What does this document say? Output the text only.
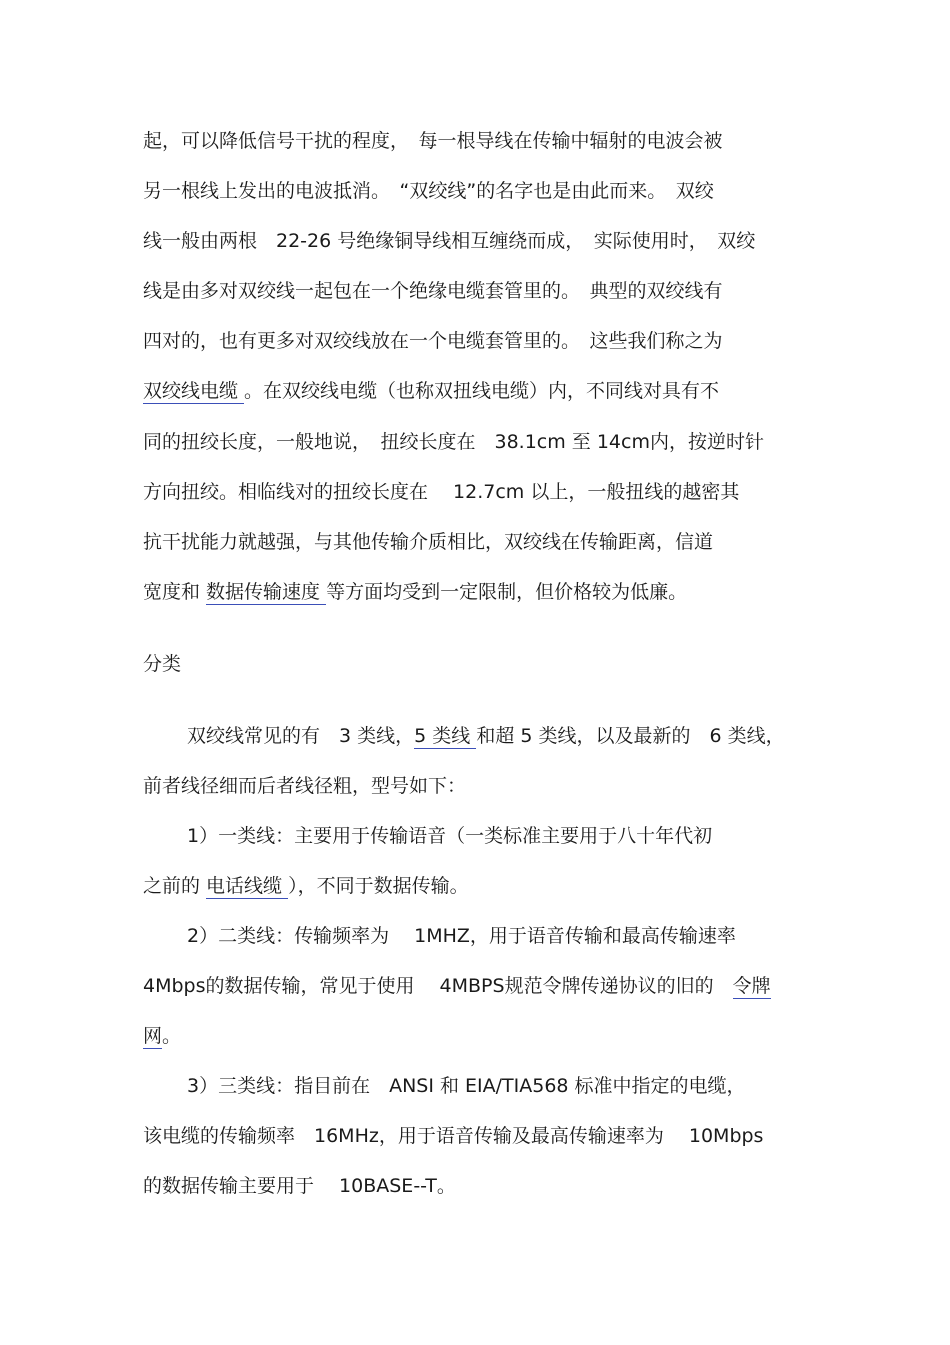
起，可以降低信号干扰的程度，　每一根导线在传输中辐射的电波会被
另一根线上发出的电波抵消。　“双绞线”的名字也是由此而来。　双绞
线一般由两根　22-26 号绝缘铜导线相互缠绕而成，　实际使用时，　双绞
线是由多对双绞线一起包在一个绝缘电缆套管里的。　典型的双绞线有
四对的，也有更多对双绞线放在一个电缆套管里的。　这些我们称之为
双绞线电缆 。在双绞线电缆（也称双扭线电缆）内，不同线对具有不
同的扭绞长度，一般地说，　扭绞长度在　38.1cm 至 14cm内，按逆时针
方向扭绞。相临线对的扭绞长度在　 12.7cm 以上，一般扭线的越密其
抗干扰能力就越强，与其他传输介质相比，双绞线在传输距离，信道
宽度和 数据传输速度 等方面均受到一定限制，但价格较为低廉。
分类
双绞线常见的有　3 类线，5 类线 和超 5 类线，以及最新的　6 类线，
前者线径细而后者线径粗，型号如下：
1）一类线：主要用于传输语音（一类标准主要用于八十年代初
之前的 电话线缆 ），不同于数据传输。
2）二类线：传输频率为　 1MHZ，用于语音传输和最高传输速率
4Mbps的数据传输，常见于使用　 4MBPS规范令牌传递协议的旧的　令牌
网。
3）三类线：指目前在　ANSI 和 EIA/TIA568 标准中指定的电缆，
该电缆的传输频率　16MHz，用于语音传输及最高传输速率为　 10Mbps
的数据传输主要用于　 10BASE--T。
